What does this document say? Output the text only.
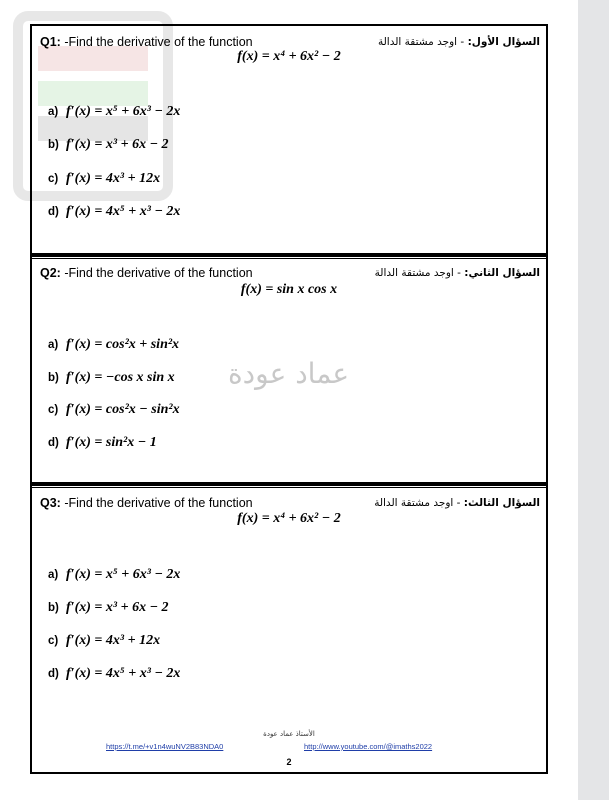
Q1: -Find the derivative of the function	السؤال الأول: - اوجد مشتقة الدالة
f(x) = x⁴ + 6x² − 2
a) f′(x) = x⁵ + 6x³ − 2x
b) f′(x) = x³ + 6x − 2
c) f′(x) = 4x³ + 12x
d) f′(x) = 4x⁵ + x³ − 2x
Q2: -Find the derivative of the function	السؤال الثاني: - اوجد مشتقة الدالة
f(x) = sin x cos x
a) f′(x) = cos²x + sin²x
b) f′(x) = −cos x sin x
c) f′(x) = cos²x − sin²x
d) f′(x) = sin²x − 1
عماد عودة
Q3: -Find the derivative of the function	السؤال الثالث: - اوجد مشتقة الدالة
f(x) = x⁴ + 6x² − 2
a) f′(x) = x⁵ + 6x³ − 2x
b) f′(x) = x³ + 6x − 2
c) f′(x) = 4x³ + 12x
d) f′(x) = 4x⁵ + x³ − 2x
الأستاذ عماد عودة
https://t.me/+v1n4wuNV2B83NDA0	http://www.youtube.com/@imaths2022
2
